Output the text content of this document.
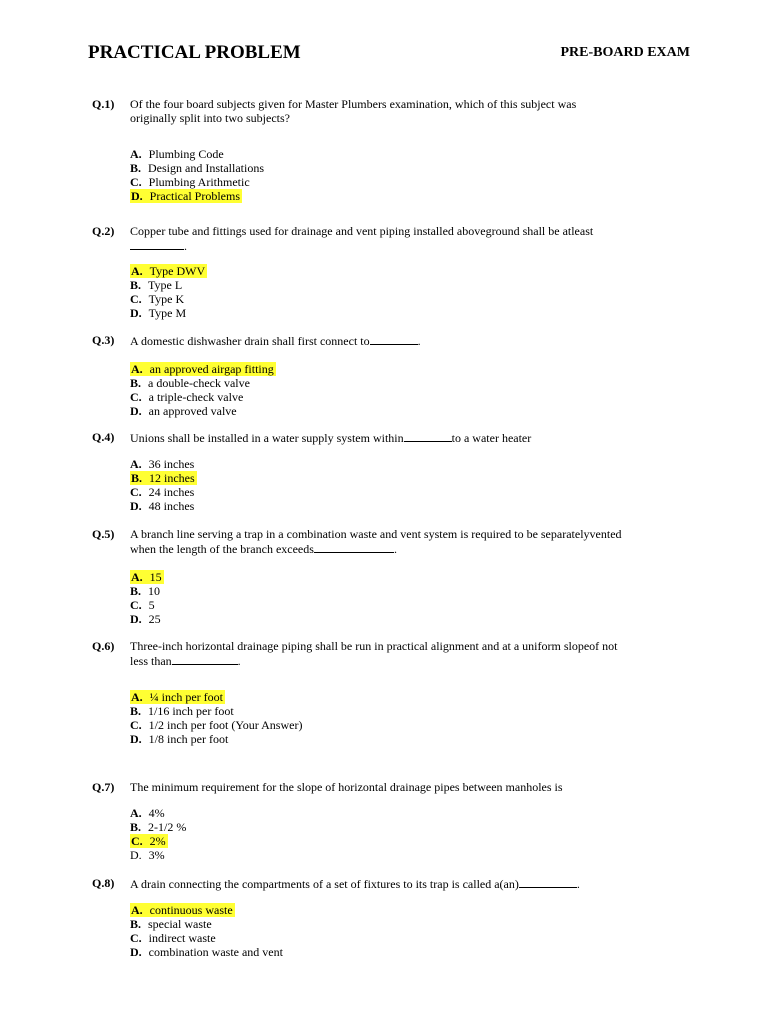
PRACTICAL PROBLEM	PRE-BOARD EXAM
Q.1) Of the four board subjects given for Master Plumbers examination, which of this subject was
originally split into two subjects?
A. Plumbing Code
B. Design and Installations
C. Plumbing Arithmetic
D. Practical Problems
Q.2) Copper tube and fittings used for drainage and vent piping installed aboveground shall be atleast
.
A. Type DWV
B. Type L
C. Type K
D. Type M
Q.3) A domestic dishwasher drain shall first connect to	.
A. an approved airgap fitting
B. a double-check valve
C. a triple-check valve
D. an approved valve
Q.4) Unions shall be installed in a water supply system within	to a water heater
A. 36 inches
B. 12 inches
C. 24 inches
D. 48 inches
Q.5) A branch line serving a trap in a combination waste and vent system is required to be separatelyvented
when the length of the branch exceeds	.
A. 15
B. 10
C. 5
D. 25
Q.6) Three-inch horizontal drainage piping shall be run in practical alignment and at a uniform slopeof not
less than	.
A. ¼ inch per foot
B. 1/16 inch per foot
C. 1/2 inch per foot (Your Answer)
D. 1/8 inch per foot
Q.7) The minimum requirement for the slope of horizontal drainage pipes between manholes is
A. 4%
B. 2-1/2 %
C. 2%
D. 3%
Q.8) A drain connecting the compartments of a set of fixtures to its trap is called a(an)	.
A. continuous waste
B. special waste
C. indirect waste
D. combination waste and vent
